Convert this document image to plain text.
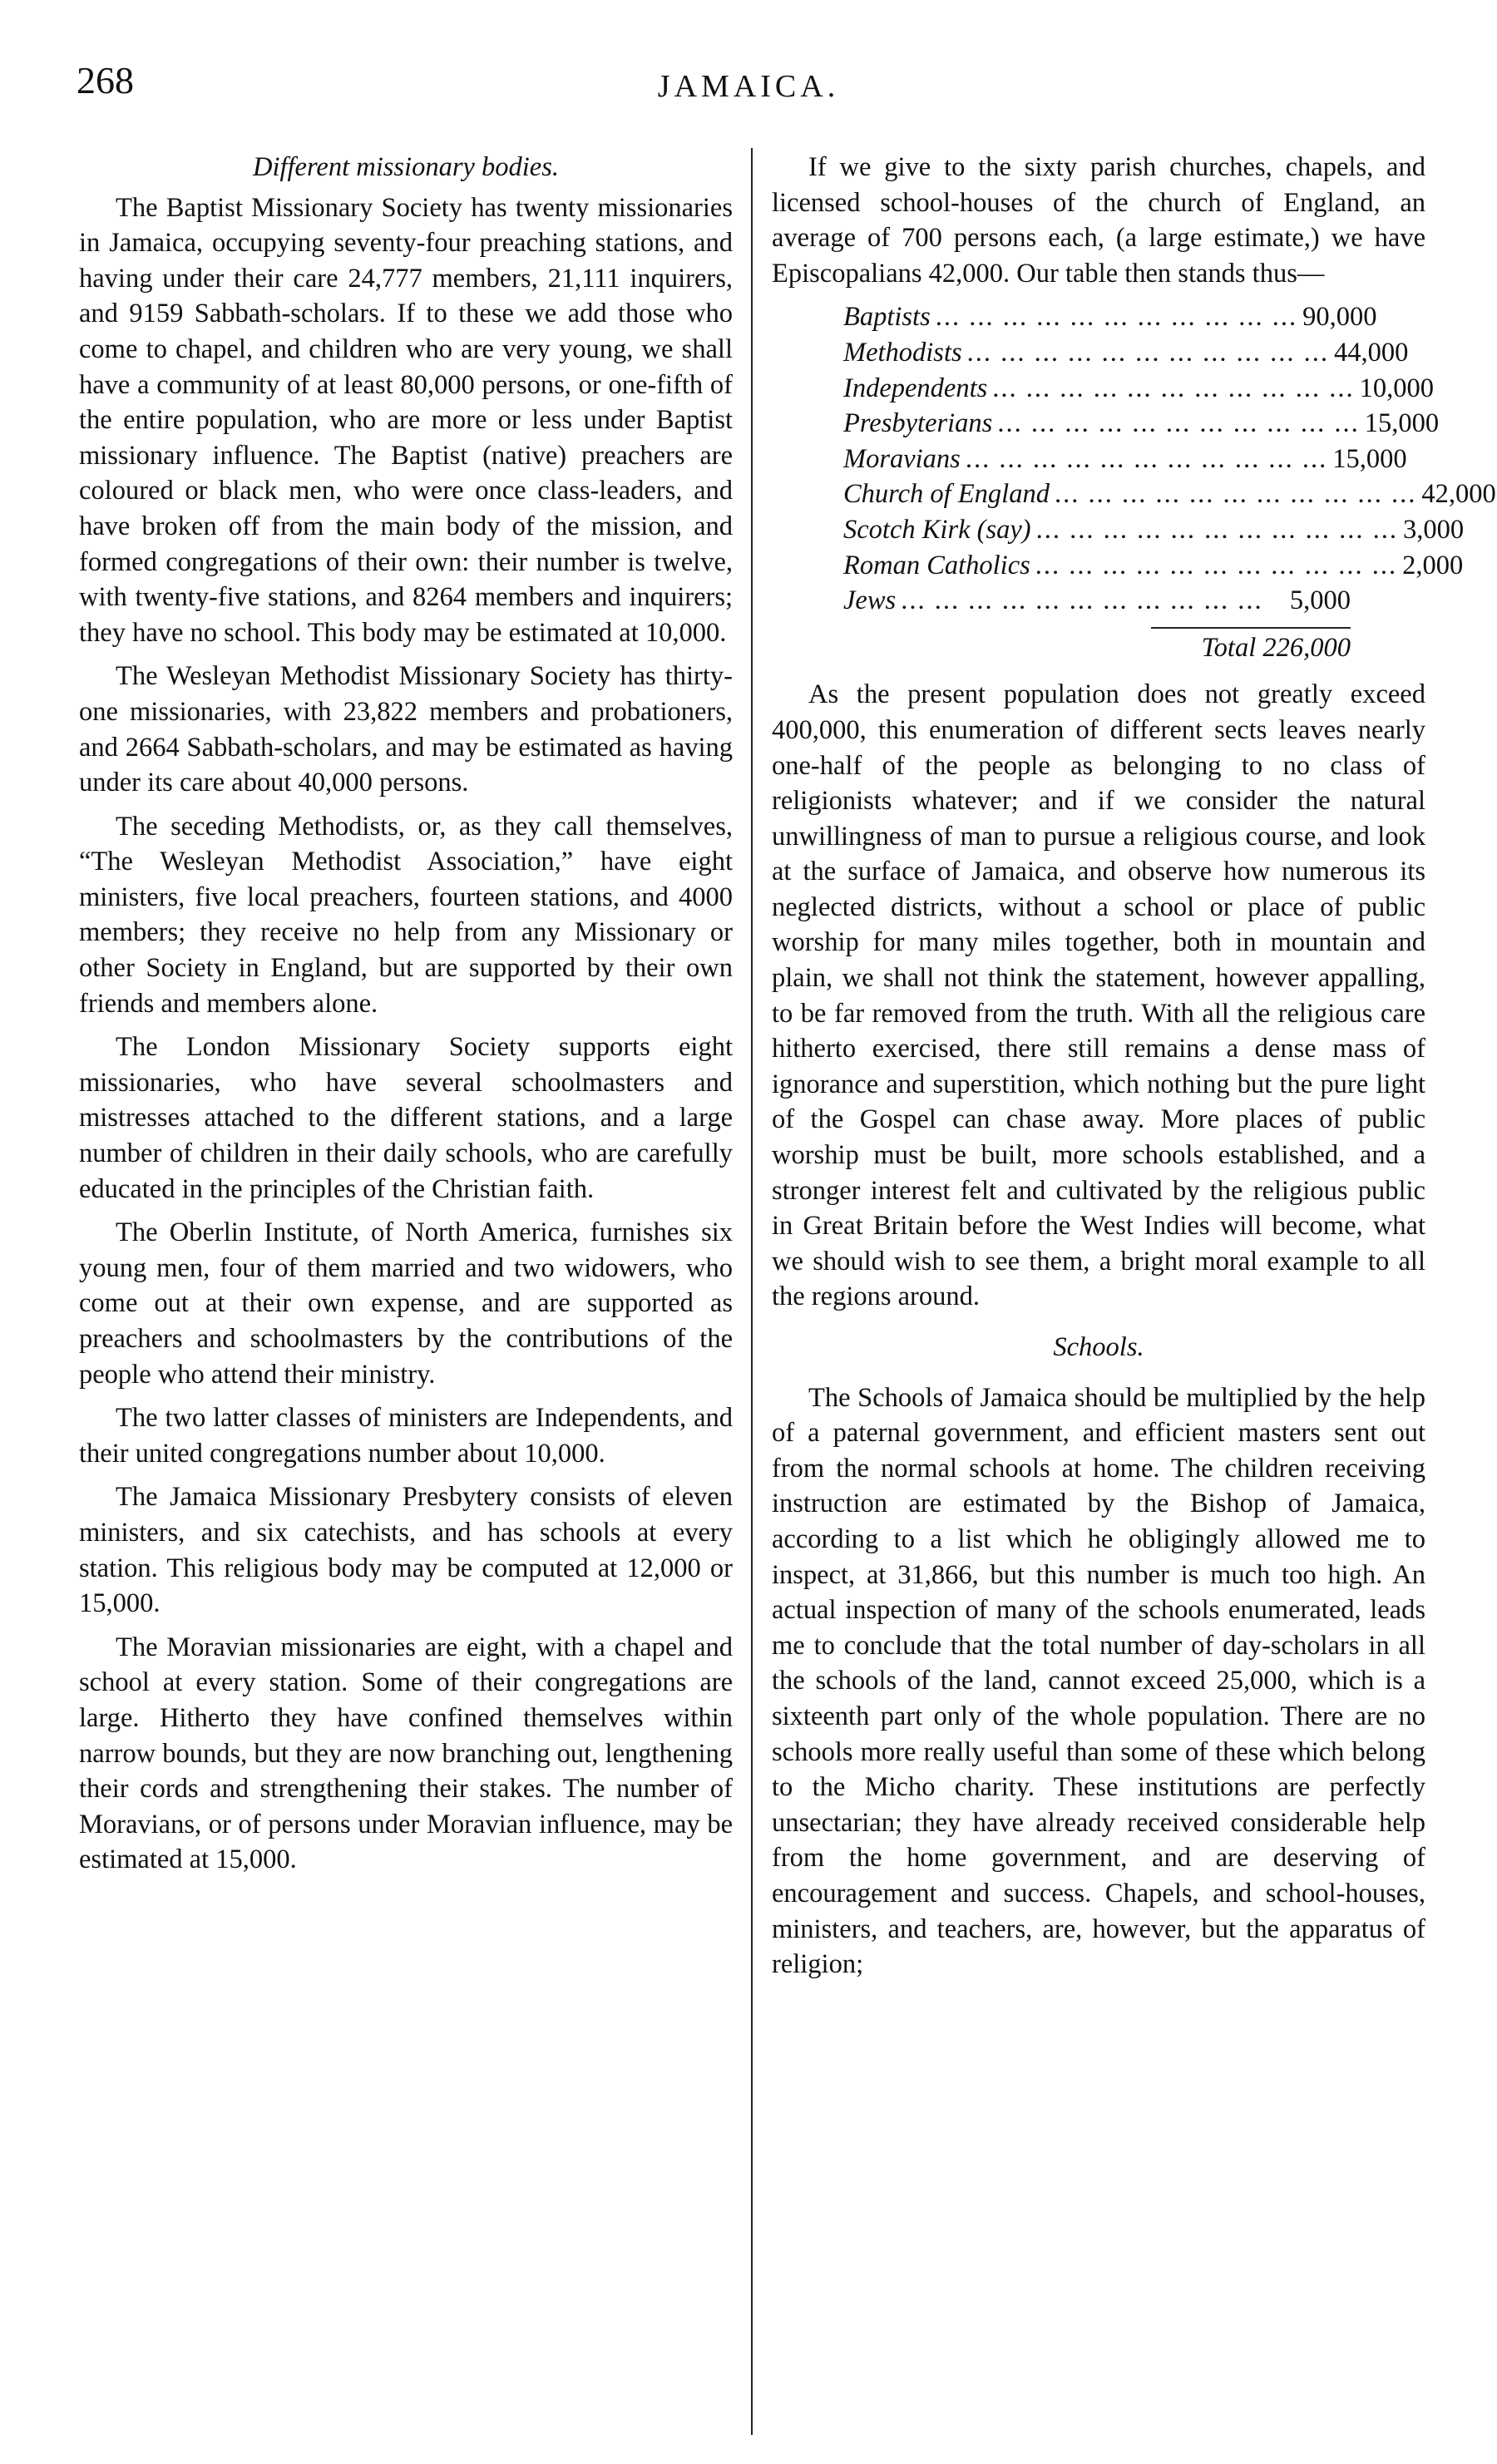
268	JAMAICA.
Different missionary bodies.

The Baptist Missionary Society has twenty missionaries in Jamaica, occupying seventy-four preaching stations, and having under their care 24,777 members, 21,111 inquirers, and 9159 Sabbath-scholars. If to these we add those who come to chapel, and children who are very young, we shall have a community of at least 80,000 persons, or one-fifth of the entire population, who are more or less under Baptist missionary influence. The Baptist (native) preachers are coloured or black men, who were once class-leaders, and have broken off from the main body of the mission, and formed congregations of their own: their number is twelve, with twenty-five stations, and 8264 members and inquirers; they have no school. This body may be estimated at 10,000.

The Wesleyan Methodist Missionary Society has thirty-one missionaries, with 23,822 members and probationers, and 2664 Sabbath-scholars, and may be estimated as having under its care about 40,000 persons.

The seceding Methodists, or, as they call themselves, “The Wesleyan Methodist Association,” have eight ministers, five local preachers, fourteen stations, and 4000 members; they receive no help from any Missionary or other Society in England, but are supported by their own friends and members alone.

The London Missionary Society supports eight missionaries, who have several schoolmasters and mistresses attached to the different stations, and a large number of children in their daily schools, who are carefully educated in the principles of the Christian faith.

The Oberlin Institute, of North America, furnishes six young men, four of them married and two widowers, who come out at their own expense, and are supported as preachers and schoolmasters by the contributions of the people who attend their ministry.

The two latter classes of ministers are Independents, and their united congregations number about 10,000.

The Jamaica Missionary Presbytery consists of eleven ministers, and six catechists, and has schools at every station. This religious body may be computed at 12,000 or 15,000.

The Moravian missionaries are eight, with a chapel and school at every station. Some of their congregations are large. Hitherto they have confined themselves within narrow bounds, but they are now branching out, lengthening their cords and strengthening their stakes. The number of Moravians, or of persons under Moravian influence, may be estimated at 15,000.

If we give to the sixty parish churches, chapels, and licensed school-houses of the church of England, an average of 700 persons each, (a large estimate,) we have Episcopalians 42,000. Our table then stands thus—

Baptists ... ... ... ... ... ... ... ... ... ... ... 90,000
Methodists ... ... ... ... ... ... ... ... ... ... ... 44,000
Independents ... ... ... ... ... ... ... ... ... ... ... 10,000
Presbyterians ... ... ... ... ... ... ... ... ... ... ... 15,000
Moravians ... ... ... ... ... ... ... ... ... ... ... 15,000
Church of England ... ... ... ... ... ... ... ... ... ... ... 42,000
Scotch Kirk (say) ... ... ... ... ... ... ... ... ... ... ... 3,000
Roman Catholics ... ... ... ... ... ... ... ... ... ... ... 2,000
Jews ... ... ... ... ... ... ... ... ... ... ... 5,000
Total 226,000

As the present population does not greatly exceed 400,000, this enumeration of different sects leaves nearly one-half of the people as belonging to no class of religionists whatever; and if we consider the natural unwillingness of man to pursue a religious course, and look at the surface of Jamaica, and observe how numerous its neglected districts, without a school or place of public worship for many miles together, both in mountain and plain, we shall not think the statement, however appalling, to be far removed from the truth. With all the religious care hitherto exercised, there still remains a dense mass of ignorance and superstition, which nothing but the pure light of the Gospel can chase away. More places of public worship must be built, more schools established, and a stronger interest felt and cultivated by the religious public in Great Britain before the West Indies will become, what we should wish to see them, a bright moral example to all the regions around.

Schools.

The Schools of Jamaica should be multiplied by the help of a paternal government, and efficient masters sent out from the normal schools at home. The children receiving instruction are estimated by the Bishop of Jamaica, according to a list which he obligingly allowed me to inspect, at 31,866, but this number is much too high. An actual inspection of many of the schools enumerated, leads me to conclude that the total number of day-scholars in all the schools of the land, cannot exceed 25,000, which is a sixteenth part only of the whole population. There are no schools more really useful than some of these which belong to the Micho charity. These institutions are perfectly unsectarian; they have already received considerable help from the home government, and are deserving of encouragement and success. Chapels, and school-houses, ministers, and teachers, are, however, but the apparatus of religion;
